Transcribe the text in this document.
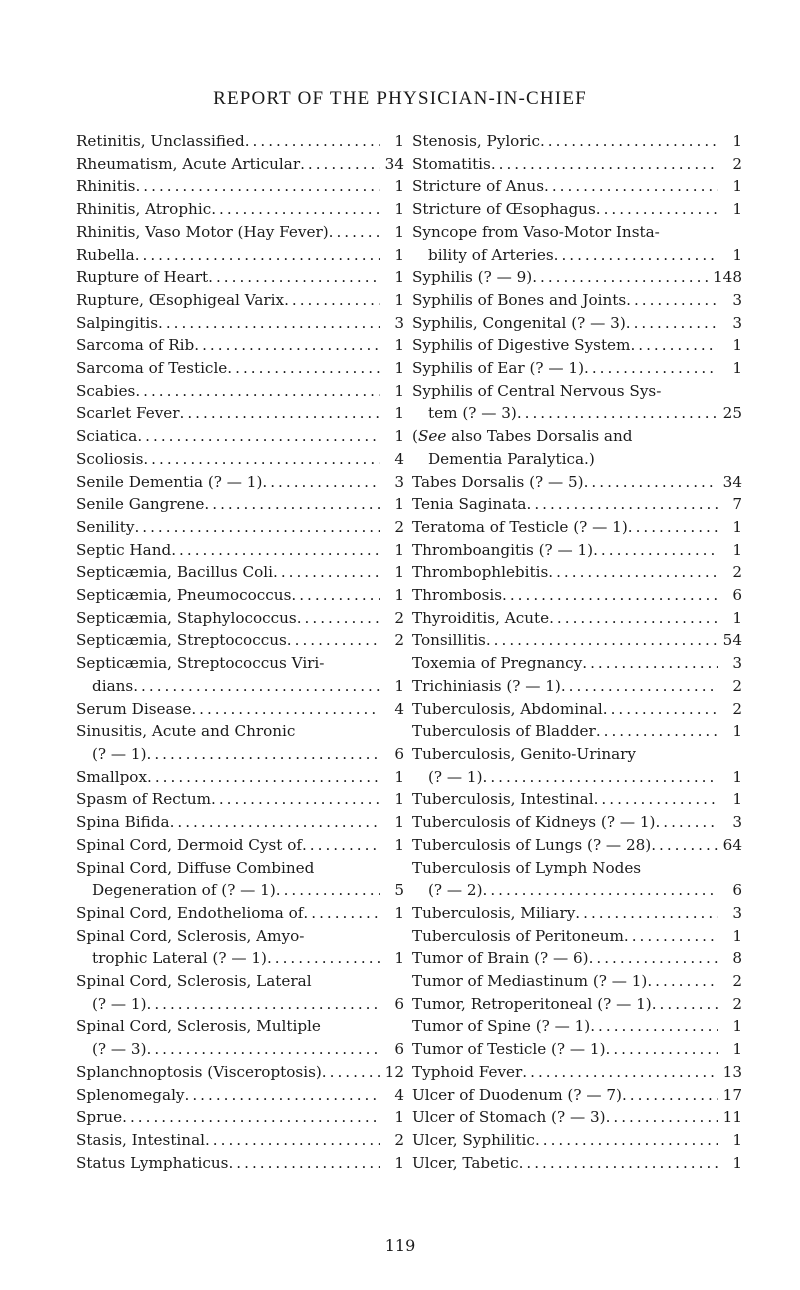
REPORT OF THE PHYSICIAN-IN-CHIEF
Retinitis, Unclassified .....	1
Rheumatism, Acute Articular .....	34
Rhinitis .....	1
Rhinitis, Atrophic .....	1
Rhinitis, Vaso Motor (Hay Fever) .....	1
Rubella .....	1
Rupture of Heart .....	1
Rupture, Œsophigeal Varix .....	1
Salpingitis .....	3
Sarcoma of Rib .....	1
Sarcoma of Testicle .....	1
Scabies .....	1
Scarlet Fever .....	1
Sciatica .....	1
Scoliosis .....	4
Senile Dementia (? — 1) .....	3
Senile Gangrene .....	1
Senility .....	2
Septic Hand .....	1
Septicæmia, Bacillus Coli .....	1
Septicæmia, Pneumococcus .....	1
Septicæmia, Staphylococcus .....	2
Septicæmia, Streptococcus .....	2
Septicæmia, Streptococcus Viri-
dians .....	1
Serum Disease .....	4
Sinusitis, Acute and Chronic
(? — 1) .....	6
Smallpox .....	1
Spasm of Rectum .....	1
Spina Bifida .....	1
Spinal Cord, Dermoid Cyst of .....	1
Spinal Cord, Diffuse Combined
Degeneration of (? — 1) .....	5
Spinal Cord, Endothelioma of .....	1
Spinal Cord, Sclerosis, Amyo-
trophic Lateral (? — 1) .....	1
Spinal Cord, Sclerosis, Lateral
(? — 1) .....	6
Spinal Cord, Sclerosis, Multiple
(? — 3) .....	6
Splanchnoptosis (Visceroptosis) .....	12
Splenomegaly .....	4
Sprue .....	1
Stasis, Intestinal .....	2
Status Lymphaticus .....	1
Stenosis, Pyloric .....	1
Stomatitis .....	2
Stricture of Anus .....	1
Stricture of Œsophagus .....	1
Syncope from Vaso-Motor Insta-
bility of Arteries .....	1
Syphilis (? — 9) .....	148
Syphilis of Bones and Joints .....	3
Syphilis, Congenital (? — 3) .....	3
Syphilis of Digestive System .....	1
Syphilis of Ear (? — 1) .....	1
Syphilis of Central Nervous Sys-
tem (? — 3) .....	25
(See also Tabes Dorsalis and
Dementia Paralytica.)
Tabes Dorsalis (? — 5) .....	34
Tenia Saginata .....	7
Teratoma of Testicle (? — 1) .....	1
Thromboangitis (? — 1) .....	1
Thrombophlebitis .....	2
Thrombosis .....	6
Thyroiditis, Acute .....	1
Tonsillitis .....	54
Toxemia of Pregnancy .....	3
Trichiniasis (? — 1) .....	2
Tuberculosis, Abdominal .....	2
Tuberculosis of Bladder .....	1
Tuberculosis, Genito-Urinary
(? — 1) .....	1
Tuberculosis, Intestinal .....	1
Tuberculosis of Kidneys (? — 1) .....	3
Tuberculosis of Lungs (? — 28) .....	64
Tuberculosis of Lymph Nodes
(? — 2) .....	6
Tuberculosis, Miliary .....	3
Tuberculosis of Peritoneum .....	1
Tumor of Brain (? — 6) .....	8
Tumor of Mediastinum (? — 1) .....	2
Tumor, Retroperitoneal (? — 1) .....	2
Tumor of Spine (? — 1) .....	1
Tumor of Testicle (? — 1) .....	1
Typhoid Fever .....	13
Ulcer of Duodenum (? — 7) .....	17
Ulcer of Stomach (? — 3) .....	11
Ulcer, Syphilitic .....	1
Ulcer, Tabetic .....	1
119
